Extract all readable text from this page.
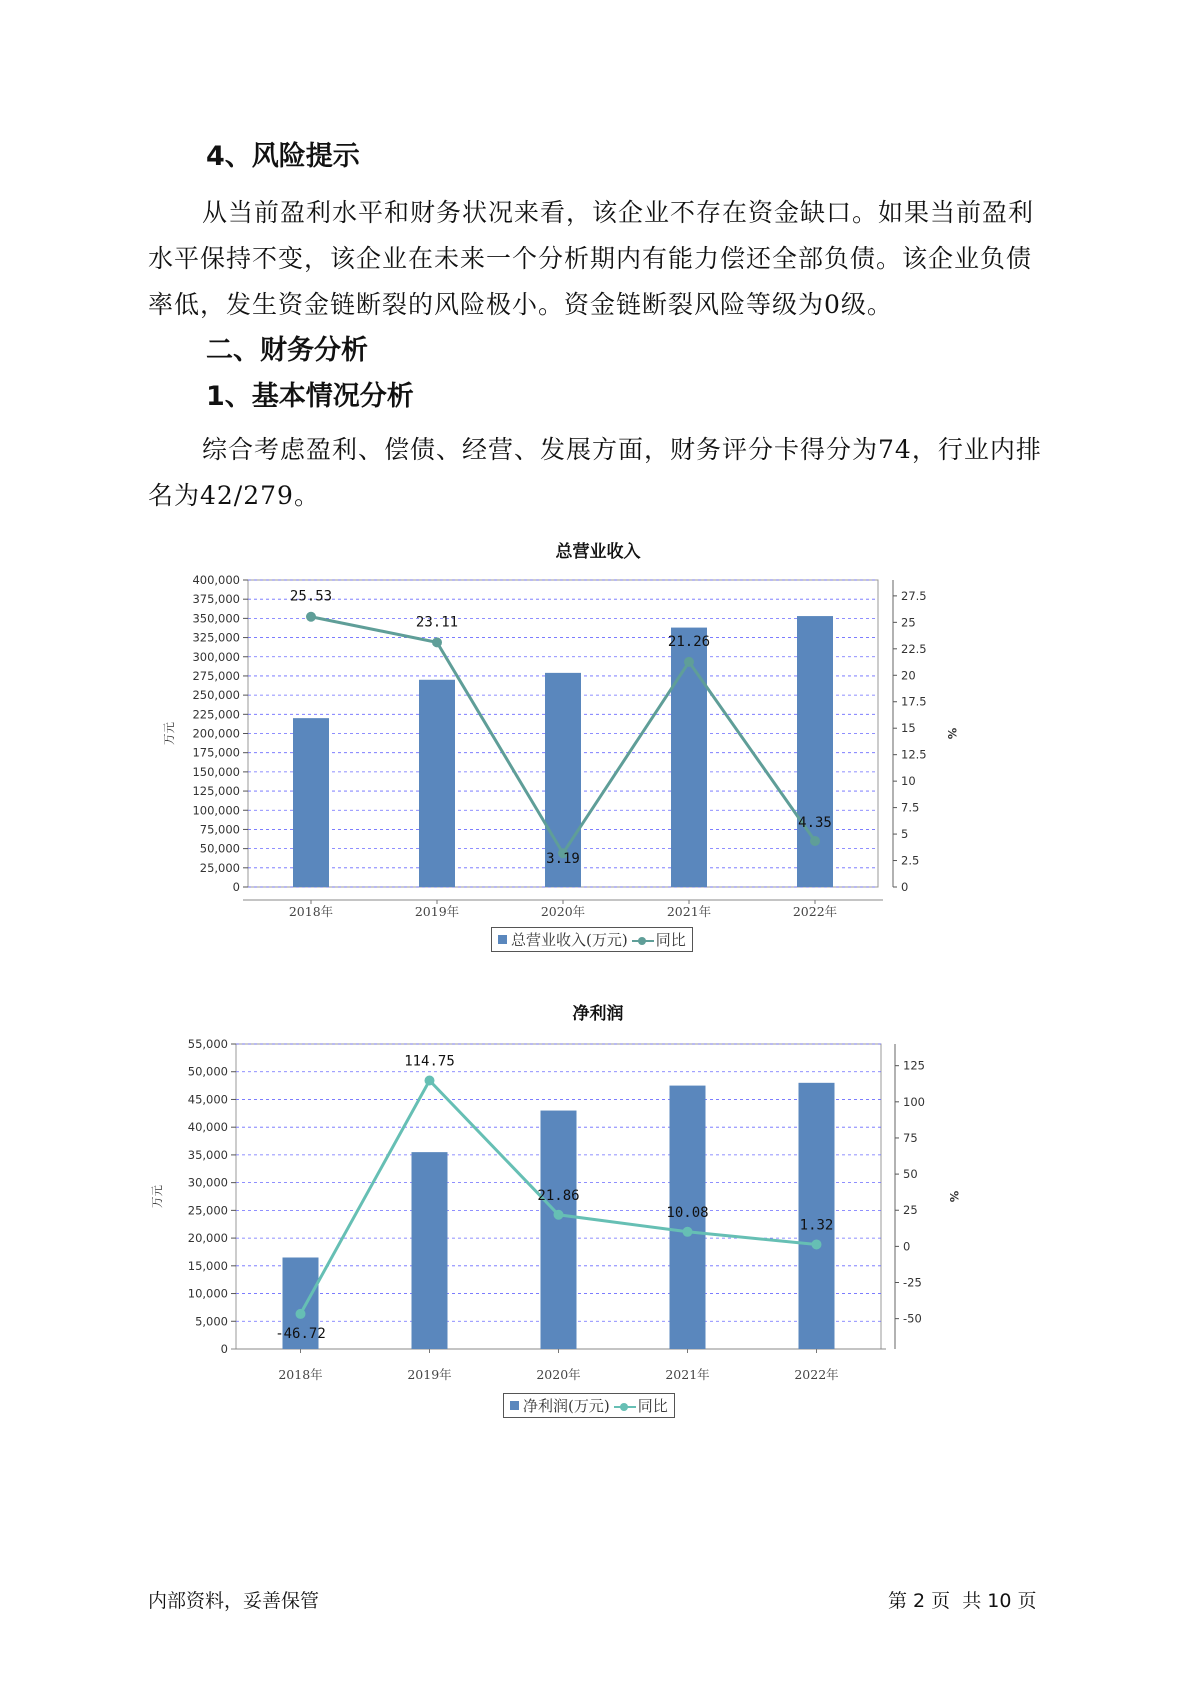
4、风险提示

从当前盈利水平和财务状况来看，该企业不存在资金缺口。如果当前盈利水平保持不变，该企业在未来一个分析期内有能力偿还全部负债。该企业负债率低，发生资金链断裂的风险极小。资金链断裂风险等级为0级。

二、财务分析
1、基本情况分析

综合考虑盈利、偿债、经营、发展方面，财务评分卡得分为74，行业内排名为42/279。

总营业收入
0
25,000
50,000
75,000
100,000
125,000
150,000
175,000
200,000
225,000
250,000
275,000
300,000
325,000
350,000
375,000
400,000
万元
0
2.5
5
7.5
10
12.5
15
17.5
20
22.5
25
27.5
%
2018年	2019年	2020年	2021年	2022年
25.53
23.11
3.19
21.26
4.35
总营业收入(万元) 同比
净利润
0
5,000
10,000
15,000
20,000
25,000
30,000
35,000
40,000
45,000
50,000
55,000
万元
-50
-25
0
25
50
75
100
125
%
2018年	2019年	2020年	2021年	2022年
-46.72
114.75
21.86
10.08
1.32
净利润(万元) 同比
内部资料，妥善保管	第 2 页  共 10 页
